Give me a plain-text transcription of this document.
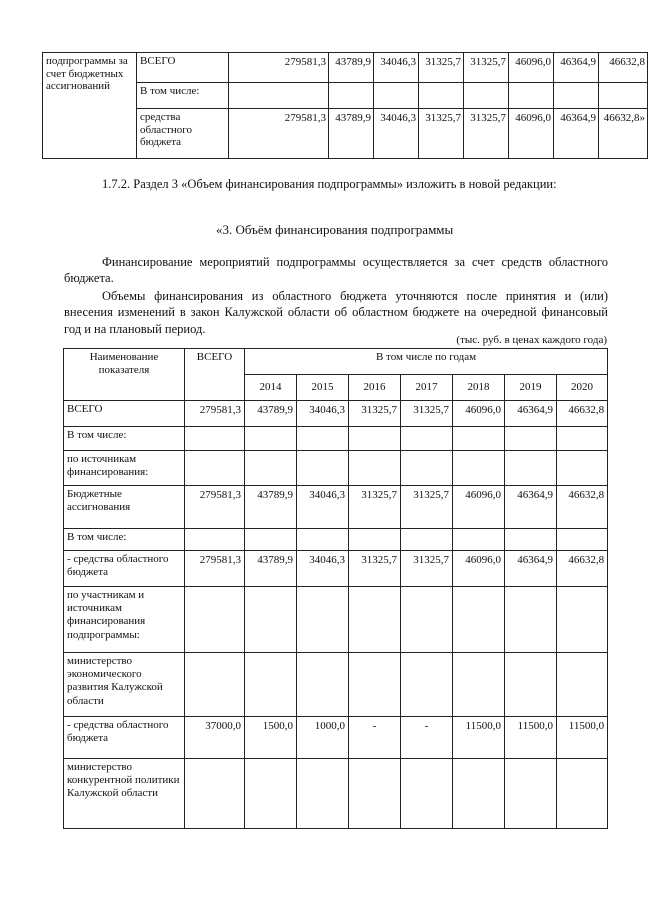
подпрограммы за счет бюджетных ассигнований	ВСЕГО	279581,3	43789,9	34046,3	31325,7	31325,7	46096,0	46364,9	46632,8
	В том числе:								
	средства областного бюджета	279581,3	43789,9	34046,3	31325,7	31325,7	46096,0	46364,9	46632,8»

1.7.2. Раздел 3 «Объем финансирования подпрограммы» изложить в новой редакции:

«3. Объём финансирования подпрограммы

Финансирование мероприятий подпрограммы осуществляется за счет средств областного бюджета.

Объемы финансирования из областного бюджета уточняются после принятия и (или) внесения изменений в закон Калужской области об областном бюджете на очередной финансовый год и на плановый период.

(тыс. руб. в ценах каждого года)
Наименование показателя	ВСЕГО	В том числе по годам						
		2014	2015	2016	2017	2018	2019	2020
ВСЕГО	279581,3	43789,9	34046,3	31325,7	31325,7	46096,0	46364,9	46632,8
В том числе:								
по источникам финансирования:								
Бюджетные ассигнования	279581,3	43789,9	34046,3	31325,7	31325,7	46096,0	46364,9	46632,8
В том числе:								
- средства областного бюджета	279581,3	43789,9	34046,3	31325,7	31325,7	46096,0	46364,9	46632,8
по участникам и источникам финансирования подпрограммы:								
министерство экономического развития Калужской области								
- средства областного бюджета	37000,0	1500,0	1000,0	-	-	11500,0	11500,0	11500,0
министерство конкурентной политики Калужской области								
